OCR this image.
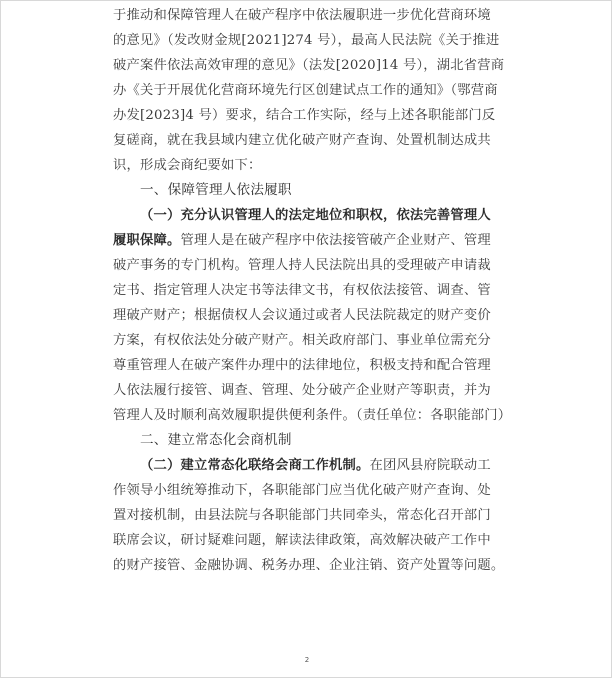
于推动和保障管理人在破产程序中依法履职进一步优化营商环境
的意见》（发改财金规[2021]274 号），最高人民法院《关于推进
破产案件依法高效审理的意见》（法发[2020]14 号），湖北省营商
办《关于开展优化营商环境先行区创建试点工作的通知》（鄂营商
办发[2023]4 号）要求，结合工作实际，经与上述各职能部门反
复磋商，就在我县域内建立优化破产财产查询、处置机制达成共
识，形成会商纪要如下：
一、保障管理人依法履职
（一）充分认识管理人的法定地位和职权，依法完善管理人
履职保障。管理人是在破产程序中依法接管破产企业财产、管理
破产事务的专门机构。管理人持人民法院出具的受理破产申请裁
定书、指定管理人决定书等法律文书，有权依法接管、调查、管
理破产财产；根据债权人会议通过或者人民法院裁定的财产变价
方案，有权依法处分破产财产。相关政府部门、事业单位需充分
尊重管理人在破产案件办理中的法律地位，积极支持和配合管理
人依法履行接管、调查、管理、处分破产企业财产等职责，并为
管理人及时顺利高效履职提供便利条件。（责任单位：各职能部门）
二、建立常态化会商机制
（二）建立常态化联络会商工作机制。在团风县府院联动工
作领导小组统筹推动下，各职能部门应当优化破产财产查询、处
置对接机制，由县法院与各职能部门共同牵头，常态化召开部门
联席会议，研讨疑难问题，解读法律政策，高效解决破产工作中
的财产接管、金融协调、税务办理、企业注销、资产处置等问题。
2
